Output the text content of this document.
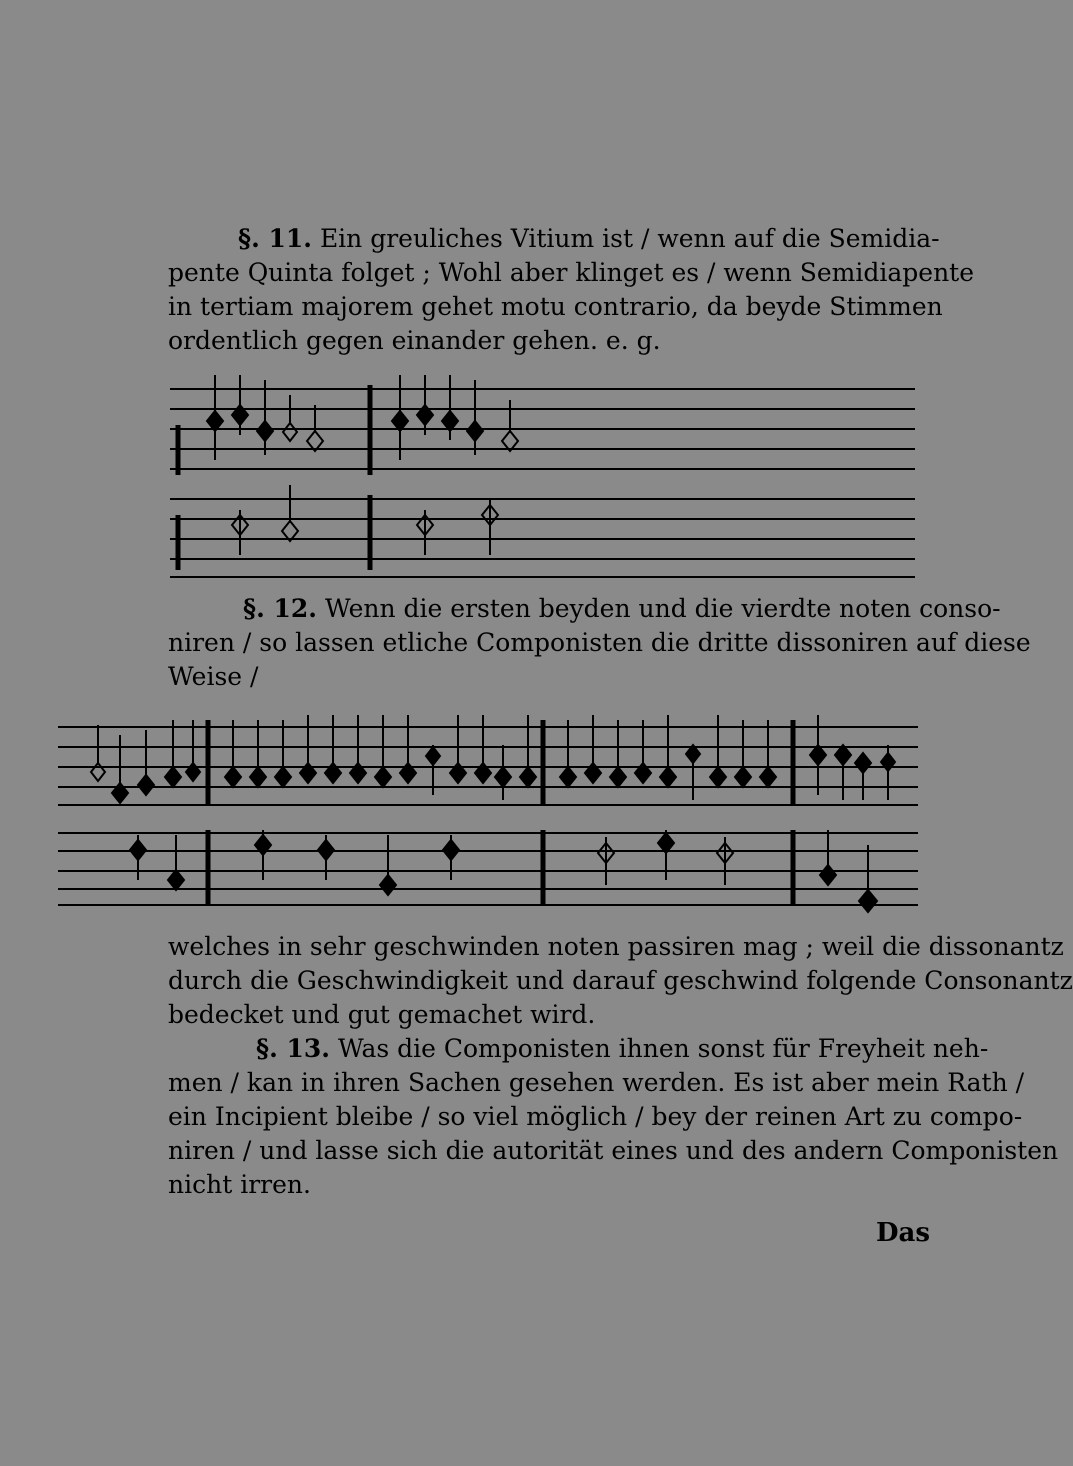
§. 11. Ein greuliches Vitium ist / wenn auf die Semidia-
pente Quinta folget ; Wohl aber klinget es / wenn Semidiapente
in tertiam majorem gehet motu contrario, da beyde Stimmen
ordentlich gegen einander gehen. e. g.
§. 12. Wenn die ersten beyden und die vierdte noten conso-
niren / so lassen etliche Componisten die dritte dissoniren auf diese
Weise /
welches in sehr geschwinden noten passiren mag ; weil die dissonantz
durch die Geschwindigkeit und darauf geschwind folgende Consonantz
bedecket und gut gemachet wird.
§. 13. Was die Componisten ihnen sonst für Freyheit neh-
men / kan in ihren Sachen gesehen werden. Es ist aber mein Rath /
ein Incipient bleibe / so viel möglich / bey der reinen Art zu compo-
niren / und lasse sich die autorität eines und des andern Componisten
nicht irren.
Das
